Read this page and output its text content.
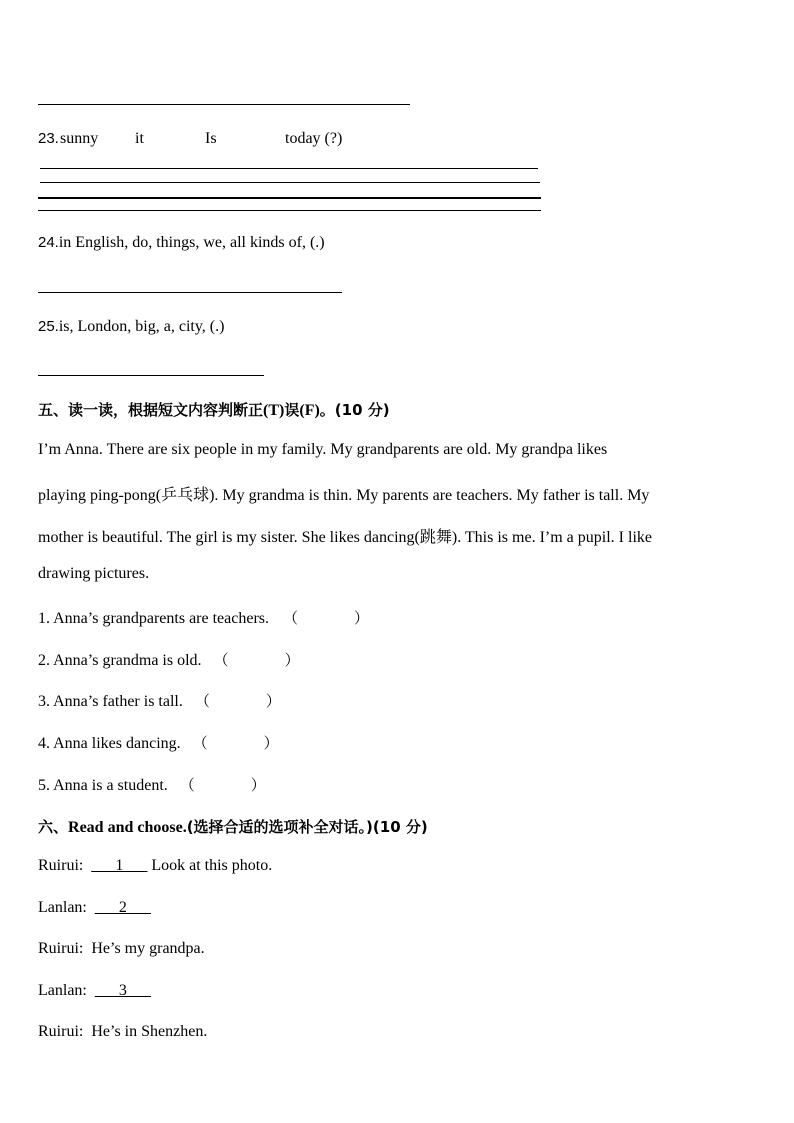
23. sunny it	Is	today (?)
24.in English, do, things, we, all kinds of, (.)
25.is, London, big, a, city, (.)
五、读一读，根据短文内容判断正(T)误(F)。(10 分)
I’m Anna. There are six people in my family. My grandparents are old. My grandpa likes
playing ping-pong(乒乓球). My grandma is thin. My parents are teachers. My father is tall. My
mother is beautiful. The girl is my sister. She likes dancing(跳舞). This is me. I’m a pupil. I like
drawing pictures.
1. Anna’s grandparents are teachers. （	）
2. Anna’s grandma is old. （	）
3. Anna’s father is tall. （	）
4. Anna likes dancing. （	）
5. Anna is a student. （	）
六、Read and choose.(选择合适的选项补全对话。)(10 分)
Ruirui: ___1___ Look at this photo.
Lanlan: ___2___
Ruirui: He’s my grandpa.
Lanlan: ___3___
Ruirui: He’s in Shenzhen.
